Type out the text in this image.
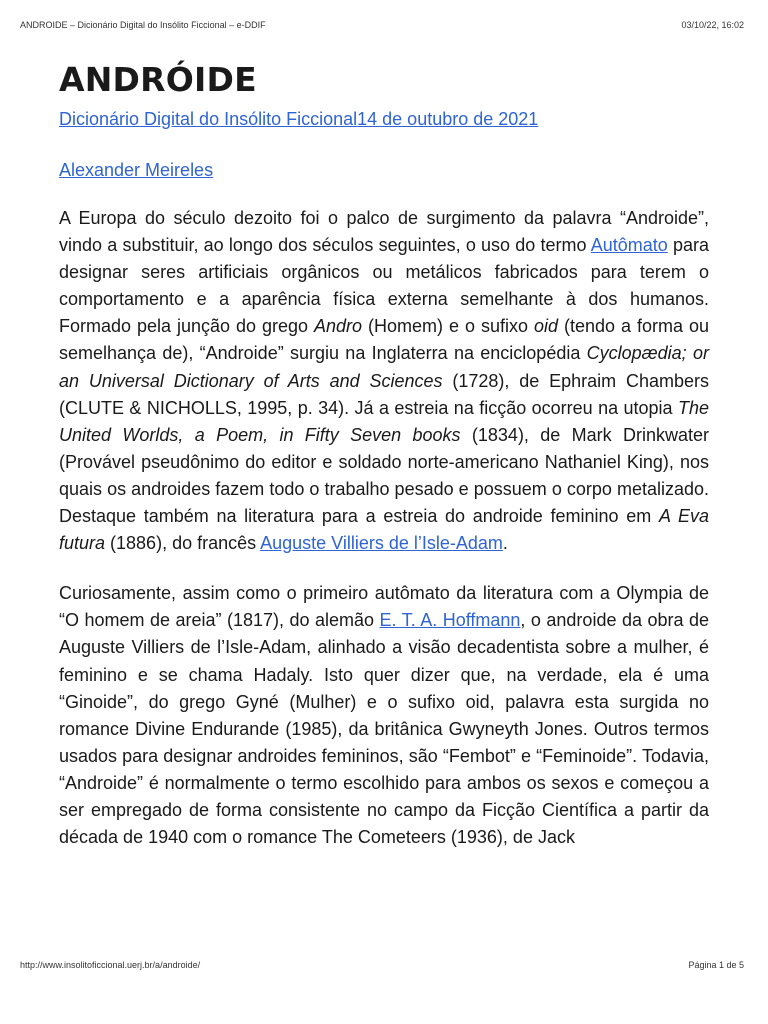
ANDROIDE – Dicionário Digital do Insólito Ficcional – e-DDIF	03/10/22, 16:02
ANDRÓIDE
Dicionário Digital do Insólito Ficcional14 de outubro de 2021
Alexander Meireles

A Europa do século dezoito foi o palco de surgimento da palavra “Androide”, vindo a substituir, ao longo dos séculos seguintes, o uso do termo Autômato para designar seres artificiais orgânicos ou metálicos fabricados para terem o comportamento e a aparência física externa semelhante à dos humanos. Formado pela junção do grego Andro (Homem) e o sufixo oid (tendo a forma ou semelhança de), “Androide” surgiu na Inglaterra na enciclopédia Cyclopædia; or an Universal Dictionary of Arts and Sciences (1728), de Ephraim Chambers (CLUTE & NICHOLLS, 1995, p. 34). Já a estreia na ficção ocorreu na utopia The United Worlds, a Poem, in Fifty Seven books (1834), de Mark Drinkwater (Provável pseudônimo do editor e soldado norte-americano Nathaniel King), nos quais os androides fazem todo o trabalho pesado e possuem o corpo metalizado. Destaque também na literatura para a estreia do androide feminino em A Eva futura (1886), do francês Auguste Villiers de l’Isle-Adam.

Curiosamente, assim como o primeiro autômato da literatura com a Olympia de “O homem de areia” (1817), do alemão E. T. A. Hoffmann, o androide da obra de Auguste Villiers de l’Isle-Adam, alinhado a visão decadentista sobre a mulher, é feminino e se chama Hadaly. Isto quer dizer que, na verdade, ela é uma “Ginoide”, do grego Gyné (Mulher) e o sufixo oid, palavra esta surgida no romance Divine Endurande (1985), da britânica Gwyneyth Jones. Outros termos usados para designar androides femininos, são “Fembot” e “Feminoide”. Todavia, “Androide” é normalmente o termo escolhido para ambos os sexos e começou a ser empregado de forma consistente no campo da Ficção Científica a partir da década de 1940 com o romance The Cometeers (1936), de Jack

http://www.insolitoficcional.uerj.br/a/androide/	Página 1 de 5
